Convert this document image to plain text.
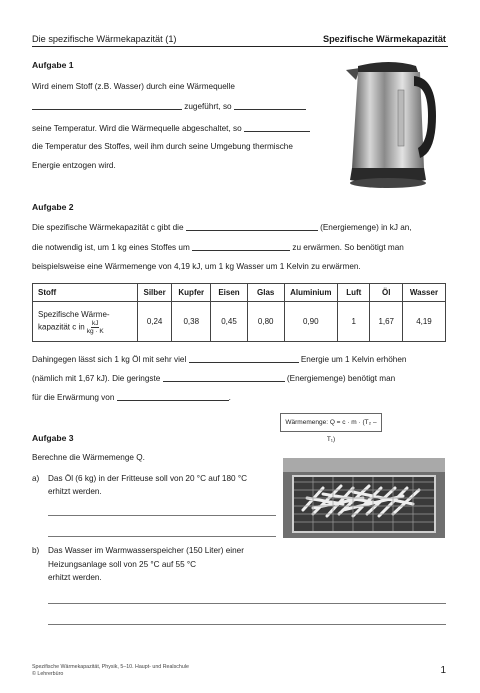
Die spezifische Wärmekapazität (1)	Spezifische Wärmekapazität
Aufgabe 1
Wird einem Stoff (z.B. Wasser) durch eine Wärmequelle
zugeführt, so
seine Temperatur. Wird die Wärmequelle abgeschaltet, so
die Temperatur des Stoffes, weil ihm durch seine Umgebung thermische
Energie entzogen wird.
Aufgabe 2
Die spezifische Wärmekapazität c gibt die	(Energiemenge) in kJ an,
die notwendig ist, um 1 kg eines Stoffes um	zu erwärmen. So benötigt man
beispielsweise eine Wärmemenge von 4,19 kJ, um 1 kg Wasser um 1 Kelvin zu erwärmen.
Stoff	Silber	Kupfer	Eisen	Glas	Aluminium	Luft	Öl	Wasser

Spezifische Wärme-
kapazität c in $\frac{kJ}{kg \cdot K}$	0,24	0,38	0,45	0,80	0,90	1	1,67	4,19
Dahingegen lässt sich 1 kg Öl mit sehr viel	Energie um 1 Kelvin erhöhen
(nämlich mit 1,67 kJ). Die geringste	(Energiemenge) benötigt man
für die Erwärmung von	.
Wärmemenge: Q = c · m · (T₂ – T₁)
Aufgabe 3
Berechne die Wärmemenge Q.
a) Das Öl (6 kg) in der Fritteuse soll von 20 °C auf 180 °C
erhitzt werden.
b) Das Wasser im Warmwasserspeicher (150 Liter) einer
Heizungsanlage soll von 25 °C auf 55 °C
erhitzt werden.
Spezifische Wärmekapazität, Physik, 5–10. Haupt- und Realschule
© Lehrerbüro	1
